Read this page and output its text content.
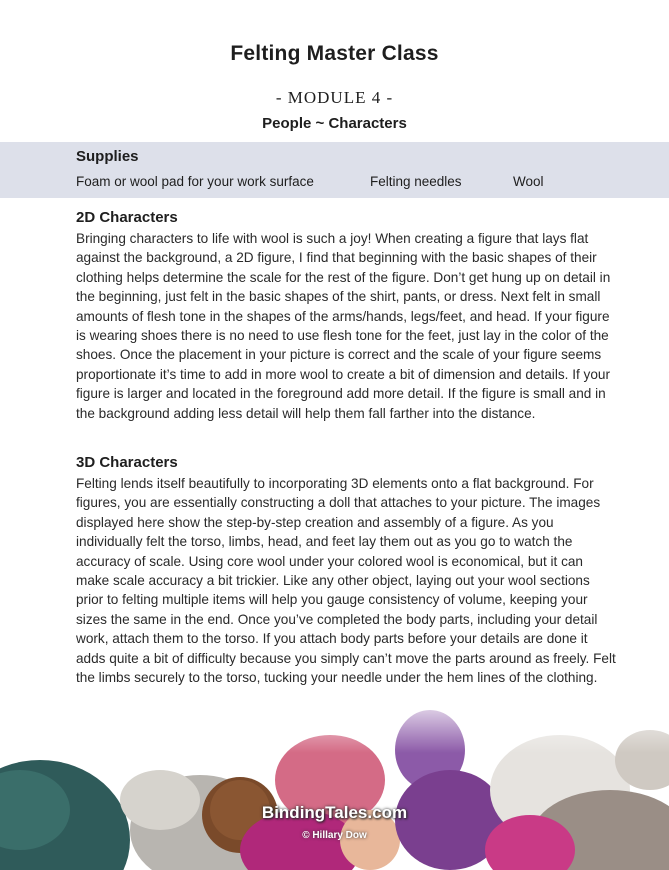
Felting Master Class
- MODULE 4 -
People ~ Characters
Supplies
Foam or wool pad for your work surface	Felting needles	Wool
2D Characters

Bringing characters to life with wool is such a joy! When creating a figure that lays flat against the background, a 2D figure, I find that beginning with the basic shapes of their clothing helps determine the scale for the rest of the figure. Don’t get hung up on detail in the beginning, just felt in the basic shapes of the shirt, pants, or dress. Next felt in small amounts of flesh tone in the shapes of the arms/hands, legs/feet, and head. If your figure is wearing shoes there is no need to use flesh tone for the feet, just lay in the color of the shoes. Once the placement in your picture is correct and the scale of your figure seems proportionate it’s time to add in more wool to create a bit of dimension and details. If your figure is larger and located in the foreground add more detail. If the figure is small and in the background adding less detail will help them fall farther into the distance.

3D Characters

Felting lends itself beautifully to incorporating 3D elements onto a flat background. For figures, you are essentially constructing a doll that attaches to your picture. The images displayed here show the step-by-step creation and assembly of a figure. As you individually felt the torso, limbs, head, and feet lay them out as you go to watch the accuracy of scale. Using core wool under your colored wool is economical, but it can make scale accuracy a bit trickier. Like any other object, laying out your wool sections prior to felting multiple items will help you gauge consistency of volume, keeping your sizes the same in the end. Once you’ve completed the body parts, including your detail work, attach them to the torso. If you attach body parts before your details are done it adds quite a bit of difficulty because you simply can’t move the parts around as freely. Felt the limbs securely to the torso, tucking your needle under the hem lines of the clothing.

BindingTales.com
© Hillary Dow
